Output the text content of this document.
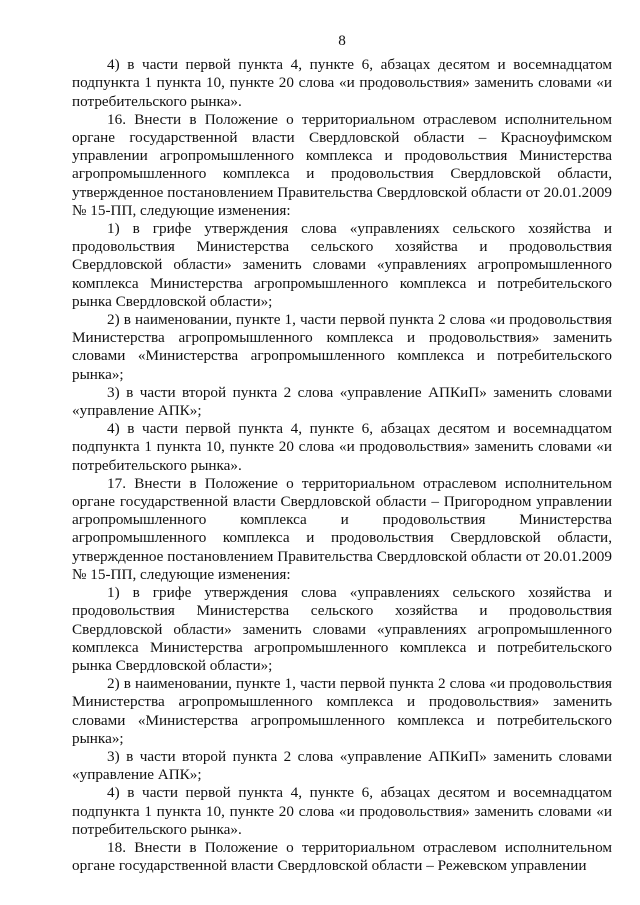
8

4) в части первой пункта 4, пункте 6, абзацах десятом и восемнадцатом подпункта 1 пункта 10, пункте 20 слова «и продовольствия» заменить словами «и потребительского рынка».

16. Внести в Положение о территориальном отраслевом исполнительном органе государственной власти Свердловской области – Красноуфимском управлении агропромышленного комплекса и продовольствия Министерства агропромышленного комплекса и продовольствия Свердловской области, утвержденное постановлением Правительства Свердловской области от 20.01.2009 № 15-ПП, следующие изменения:

1) в грифе утверждения слова «управлениях сельского хозяйства и продовольствия Министерства сельского хозяйства и продовольствия Свердловской области» заменить словами «управлениях агропромышленного комплекса Министерства агропромышленного комплекса и потребительского рынка Свердловской области»;

2) в наименовании, пункте 1, части первой пункта 2 слова «и продовольствия Министерства агропромышленного комплекса и продовольствия» заменить словами «Министерства агропромышленного комплекса и потребительского рынка»;

3) в части второй пункта 2 слова «управление АПКиП» заменить словами «управление АПК»;

4) в части первой пункта 4, пункте 6, абзацах десятом и восемнадцатом подпункта 1 пункта 10, пункте 20 слова «и продовольствия» заменить словами «и потребительского рынка».

17. Внести в Положение о территориальном отраслевом исполнительном органе государственной власти Свердловской области – Пригородном управлении агропромышленного комплекса и продовольствия Министерства агропромышленного комплекса и продовольствия Свердловской области, утвержденное постановлением Правительства Свердловской области от 20.01.2009 № 15-ПП, следующие изменения:

1) в грифе утверждения слова «управлениях сельского хозяйства и продовольствия Министерства сельского хозяйства и продовольствия Свердловской области» заменить словами «управлениях агропромышленного комплекса Министерства агропромышленного комплекса и потребительского рынка Свердловской области»;

2) в наименовании, пункте 1, части первой пункта 2 слова «и продовольствия Министерства агропромышленного комплекса и продовольствия» заменить словами «Министерства агропромышленного комплекса и потребительского рынка»;

3) в части второй пункта 2 слова «управление АПКиП» заменить словами «управление АПК»;

4) в части первой пункта 4, пункте 6, абзацах десятом и восемнадцатом подпункта 1 пункта 10, пункте 20 слова «и продовольствия» заменить словами «и потребительского рынка».

18. Внести в Положение о территориальном отраслевом исполнительном органе государственной власти Свердловской области – Режевском управлении
